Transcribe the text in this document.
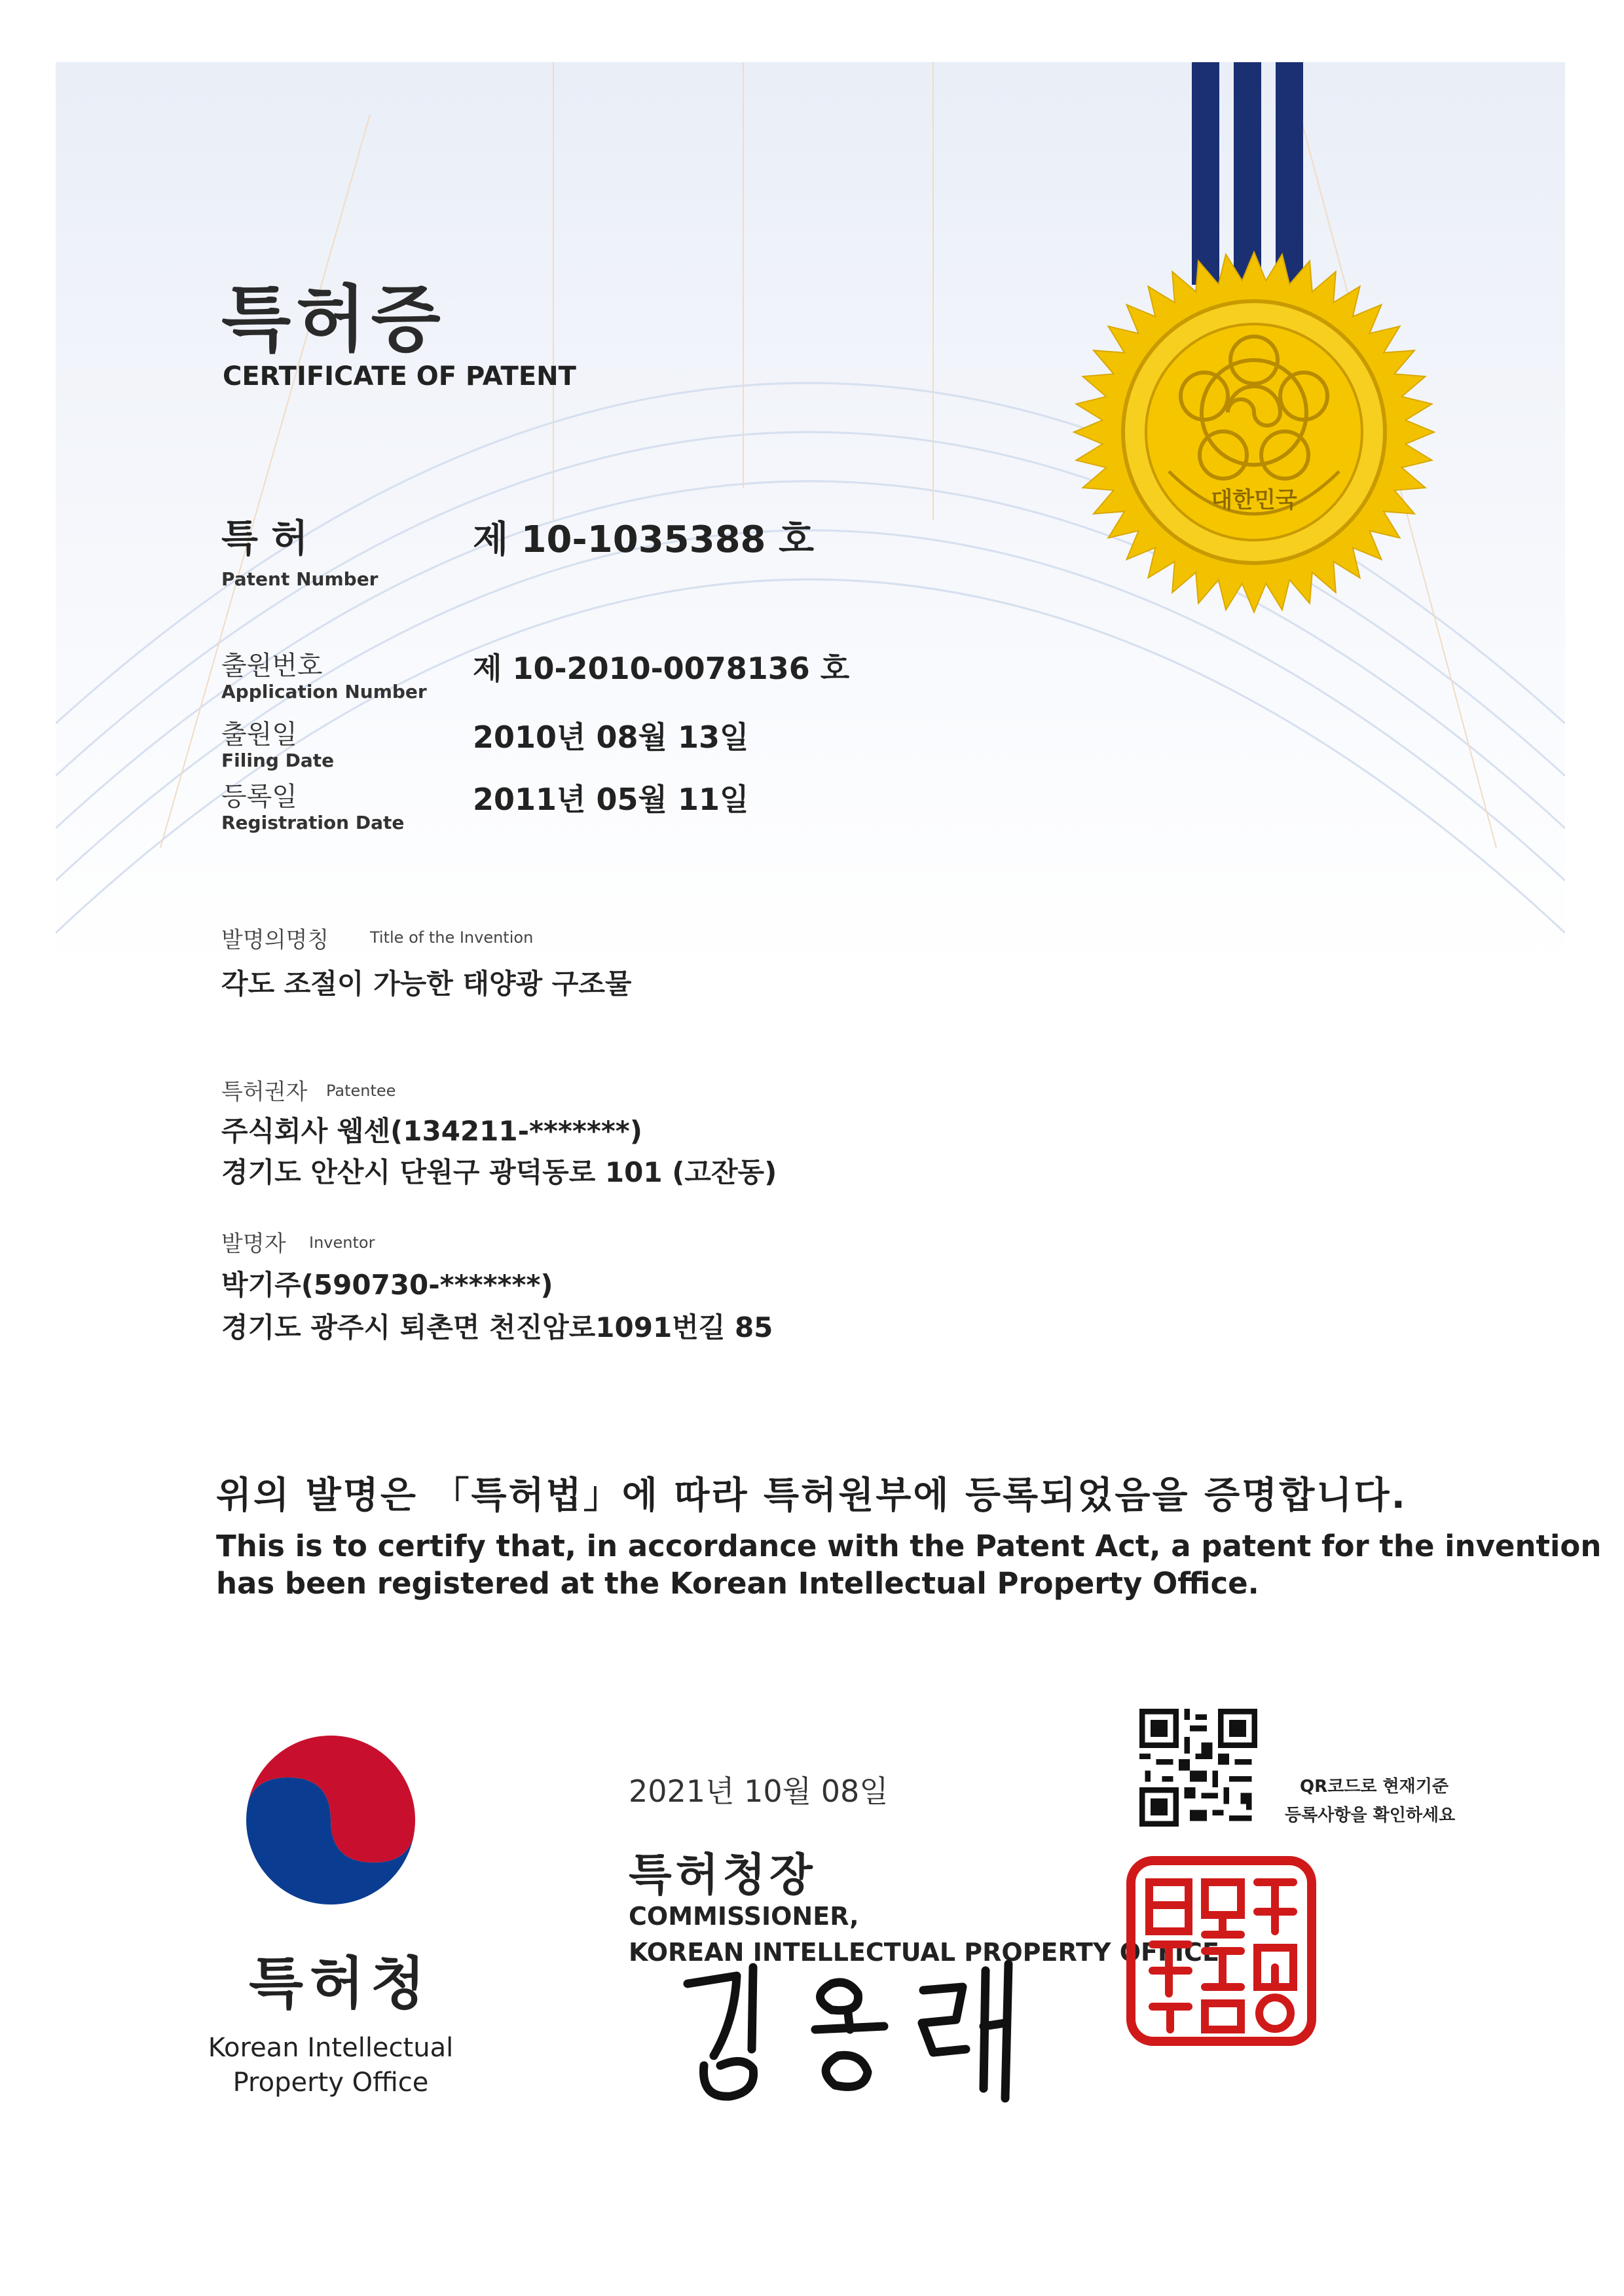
대한민국
특허증
CERTIFICATE OF PATENT
특 허
Patent Number
제 10-1035388 호
출원번호
Application Number
제 10-2010-0078136 호
출원일
Filing Date
2010년 08월 13일
등록일
Registration Date
2011년 05월 11일
발명의명칭	Title of the Invention
각도 조절이 가능한 태양광 구조물
특허권자 Patentee
주식회사 웹센(134211-*******)
경기도 안산시 단원구 광덕동로 101 (고잔동)
발명자 Inventor
박기주(590730-*******)
경기도 광주시 퇴촌면 천진암로1091번길 85
위의 발명은 「특허법」에 따라 특허원부에 등록되었음을 증명합니다.
This is to certify that, in accordance with the Patent Act, a patent for the invention
has been registered at the Korean Intellectual Property Office.
2021년 10월 08일	QR코드로 현재기준
등록사항을 확인하세요
특허청장
COMMISSIONER,
KOREAN INTELLECTUAL PROPERTY OFFICE
특허청
Korean Intellectual
Property Office
